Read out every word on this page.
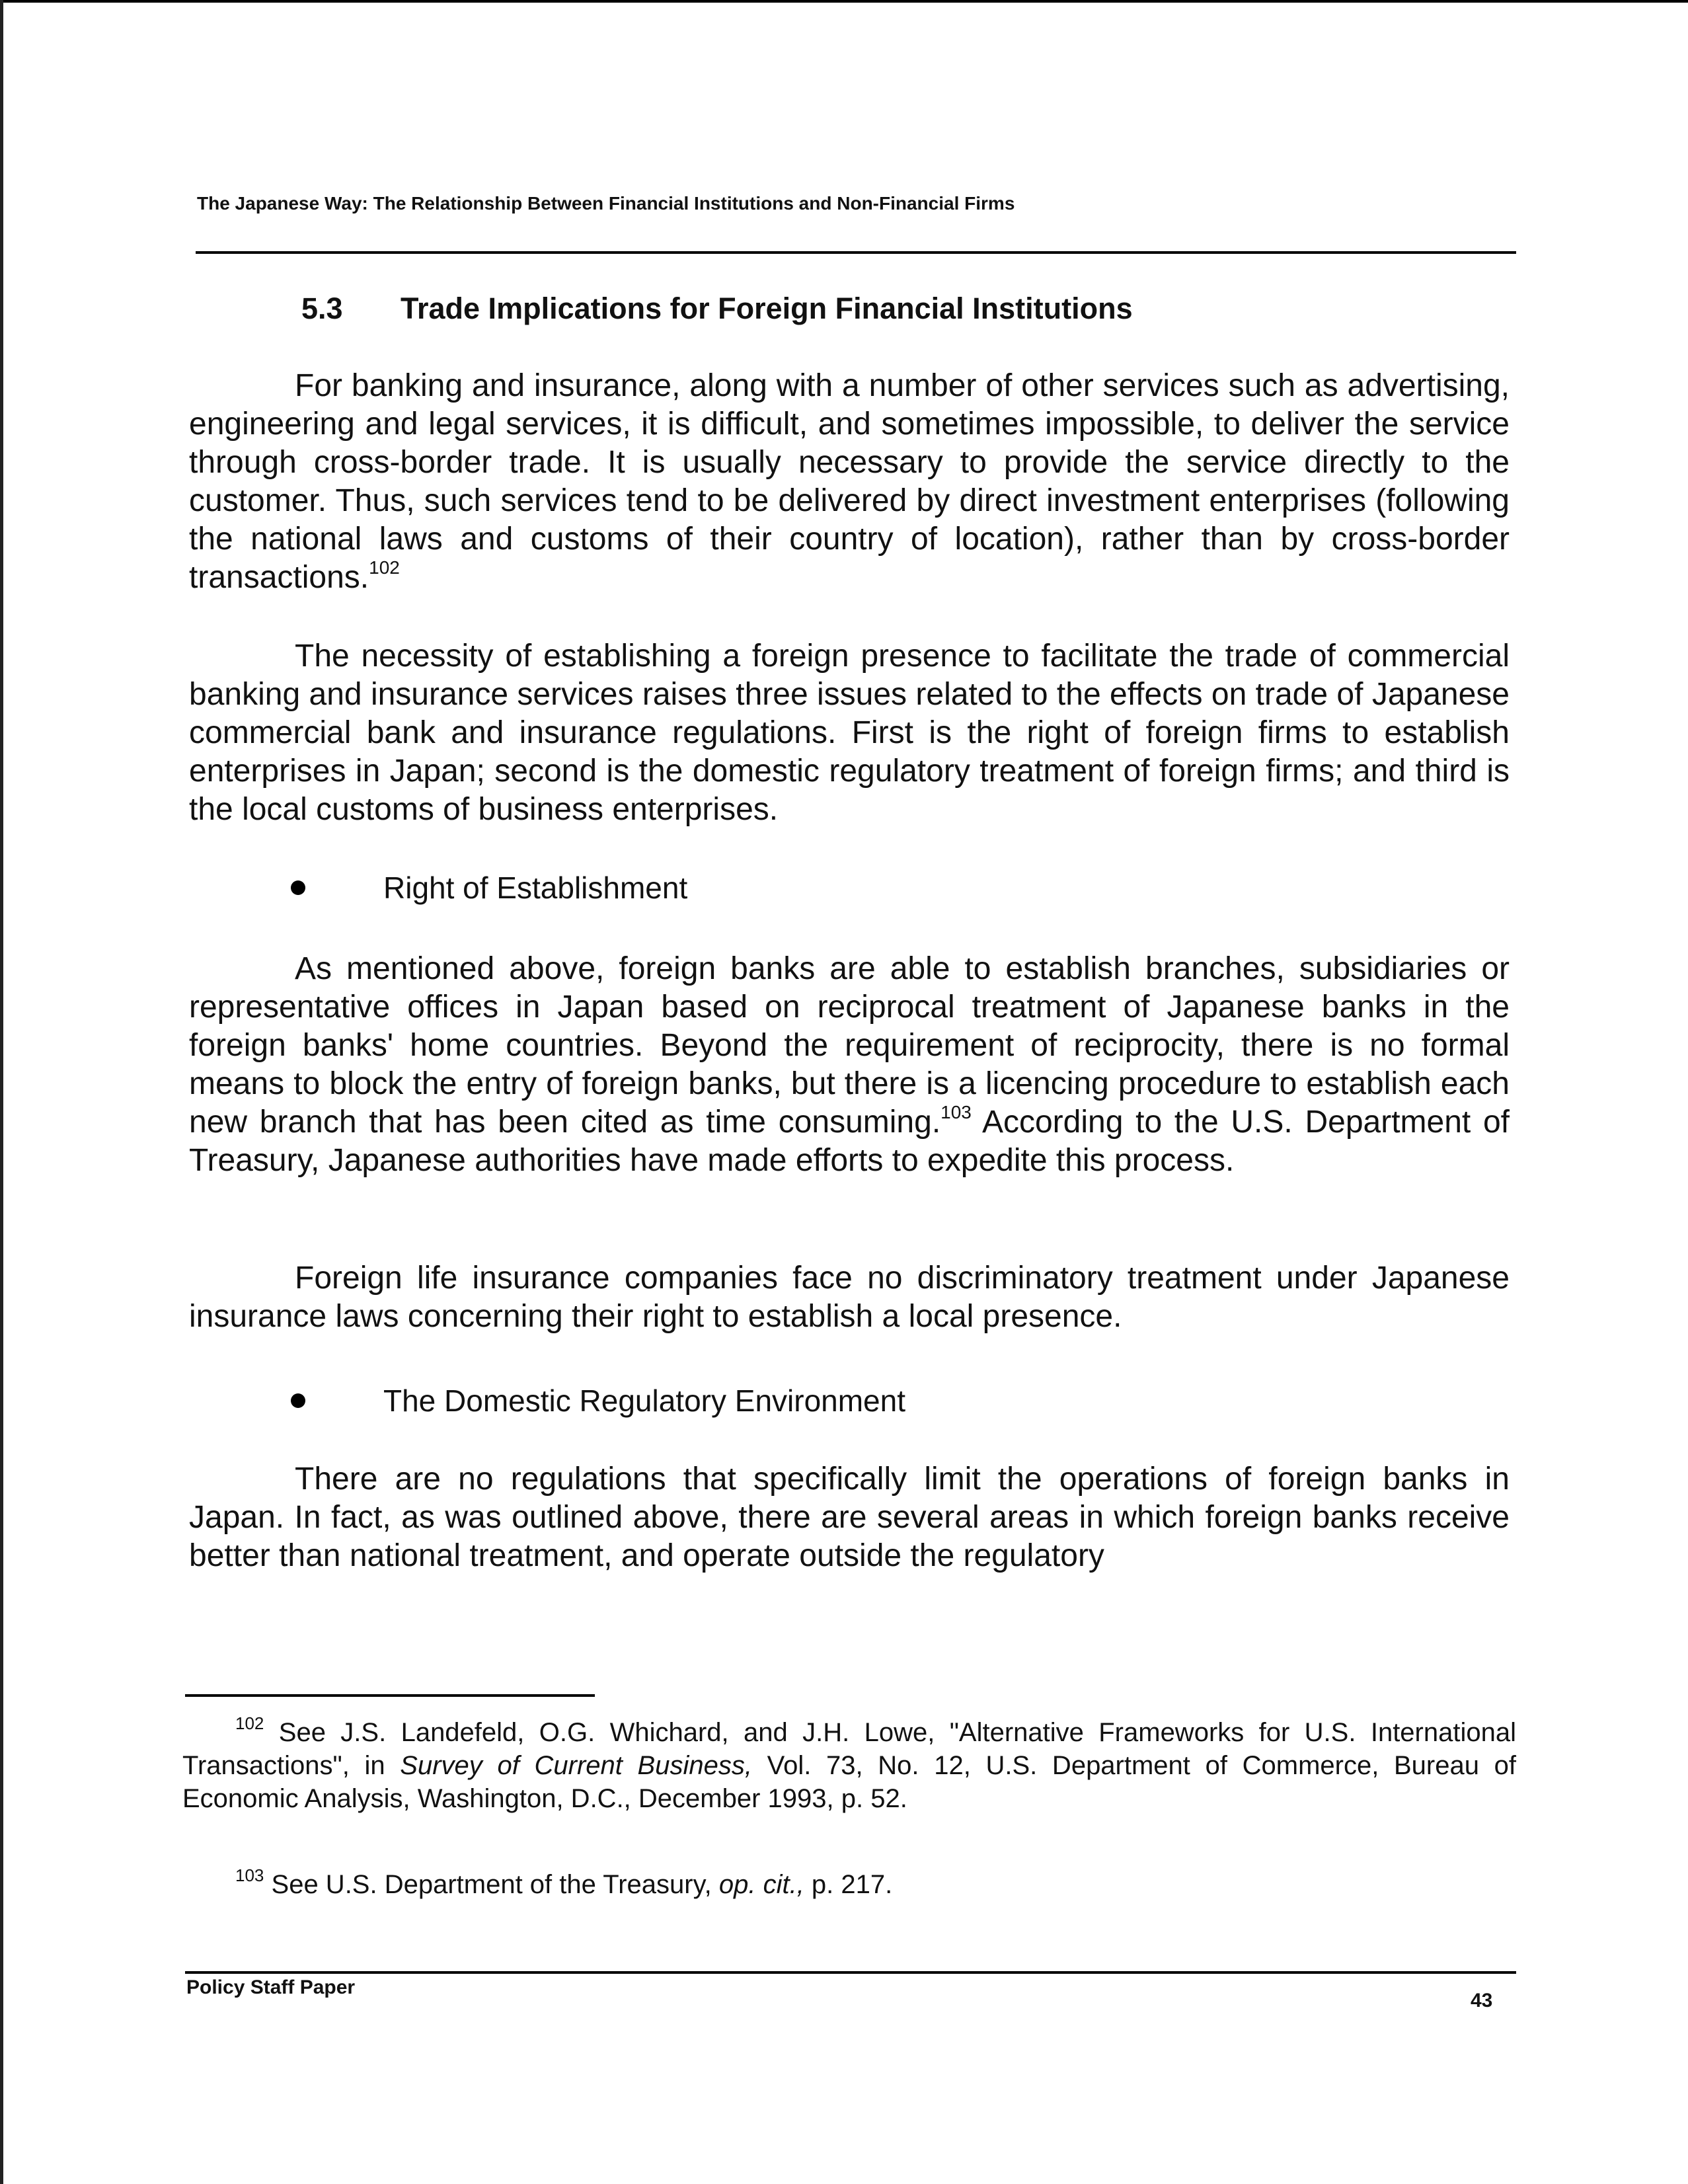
The Japanese Way: The Relationship Between Financial Institutions and Non-Financial Firms
5.3 Trade Implications for Foreign Financial Institutions

For banking and insurance, along with a number of other services such as advertising, engineering and legal services, it is difficult, and sometimes impossible, to deliver the service through cross-border trade. It is usually necessary to provide the service directly to the customer. Thus, such services tend to be delivered by direct investment enterprises (following the national laws and customs of their country of location), rather than by cross-border transactions.$^{102}$

The necessity of establishing a foreign presence to facilitate the trade of commercial banking and insurance services raises three issues related to the effects on trade of Japanese commercial bank and insurance regulations. First is the right of foreign firms to establish enterprises in Japan; second is the domestic regulatory treatment of foreign firms; and third is the local customs of business enterprises.

Right of Establishment

As mentioned above, foreign banks are able to establish branches, subsidiaries or representative offices in Japan based on reciprocal treatment of Japanese banks in the foreign banks' home countries. Beyond the requirement of reciprocity, there is no formal means to block the entry of foreign banks, but there is a licencing procedure to establish each new branch that has been cited as time consuming.$^{103}$ According to the U.S. Department of Treasury, Japanese authorities have made efforts to expedite this process.

Foreign life insurance companies face no discriminatory treatment under Japanese insurance laws concerning their right to establish a local presence.

The Domestic Regulatory Environment

There are no regulations that specifically limit the operations of foreign banks in Japan. In fact, as was outlined above, there are several areas in which foreign banks receive better than national treatment, and operate outside the regulatory

$^{102}$ See J.S. Landefeld, O.G. Whichard, and J.H. Lowe, "Alternative Frameworks for U.S. International Transactions", in Survey of Current Business, Vol. 73, No. 12, U.S. Department of Commerce, Bureau of Economic Analysis, Washington, D.C., December 1993, p. 52.

$^{103}$ See U.S. Department of the Treasury, op. cit., p. 217.

Policy Staff Paper
43
